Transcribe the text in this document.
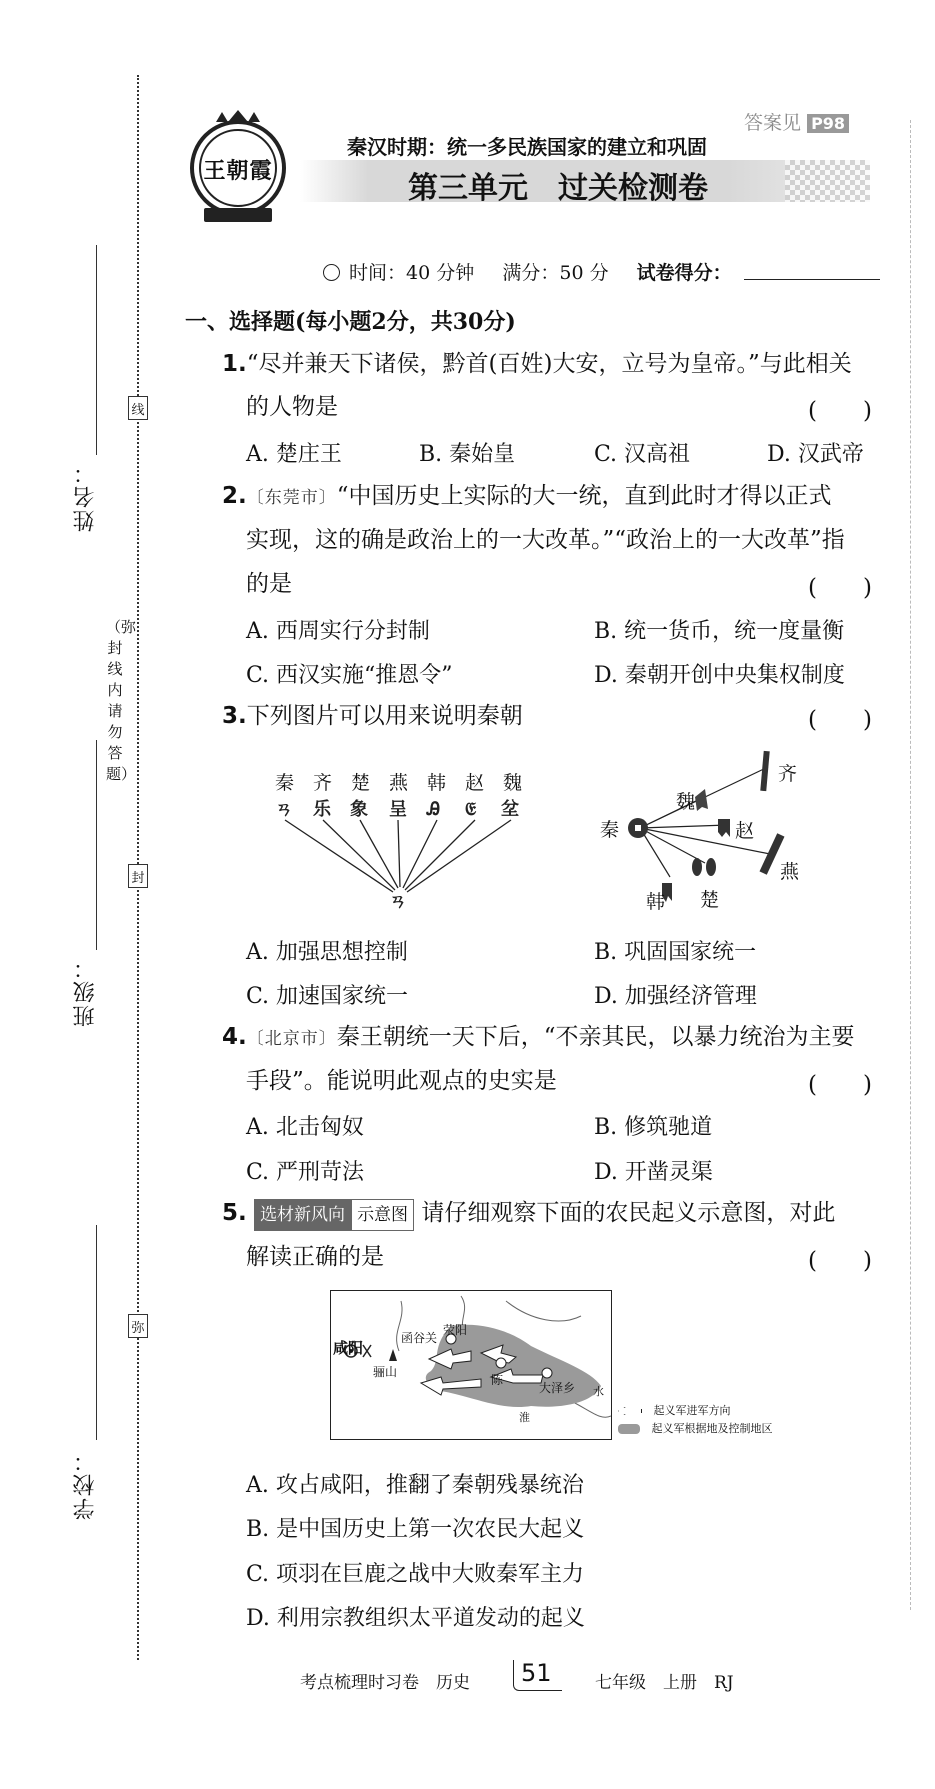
姓名：
班级：
学校：
线
封
弥
（弥封线内请勿答题）
王朝霞
秦汉时期：统一多民族国家的建立和巩固
第三单元　过关检测卷
答案见 P98
时间：40 分钟 满分：50 分 试卷得分：
一、选择题(每小题2分，共30分)
1.“尽并兼天下诸侯，黔首(百姓)大安，立号为皇帝。”与此相关
的人物是	(　　)
A. 楚庄王	B. 秦始皇	C. 汉高祖	D. 汉武帝
2.〔东莞市〕“中国历史上实际的大一统，直到此时才得以正式
实现，这的确是政治上的一大改革。”“政治上的一大改革”指
的是	(　　)
A. 西周实行分封制	B. 统一货币，统一度量衡
C. 西汉实施“推恩令”	D. 秦朝开创中央集权制度
3.下列图片可以用来说明秦朝	(　　)
ㄢ 乐 象 呈 Ꭿ 𝔈 坌
ㄢ
秦 齐 楚 燕 韩 赵 魏
秦
齐
魏
赵
燕
楚
韩
A. 加强思想控制	B. 巩固国家统一
C. 加速国家统一	D. 加强经济管理
4.〔北京市〕秦王朝统一天下后，“不亲其民，以暴力统治为主要
手段”。能说明此观点的史实是	(　　)
A. 北击匈奴	B. 修筑驰道
C. 严刑苛法	D. 开凿灵渠
5. 选材新风向 示意图 请仔细观察下面的农民起义示意图，对此
解读正确的是	(　　)
咸阳
骊山
函谷关
荥阳
陈
大泽乡 水
淮
起义军进军方向
起义军根据地及控制地区
A. 攻占咸阳，推翻了秦朝残暴统治
B. 是中国历史上第一次农民大起义
C. 项羽在巨鹿之战中大败秦军主力
D. 利用宗教组织太平道发动的起义
考点梳理时习卷　历史 51	七年级　上册　RJ
